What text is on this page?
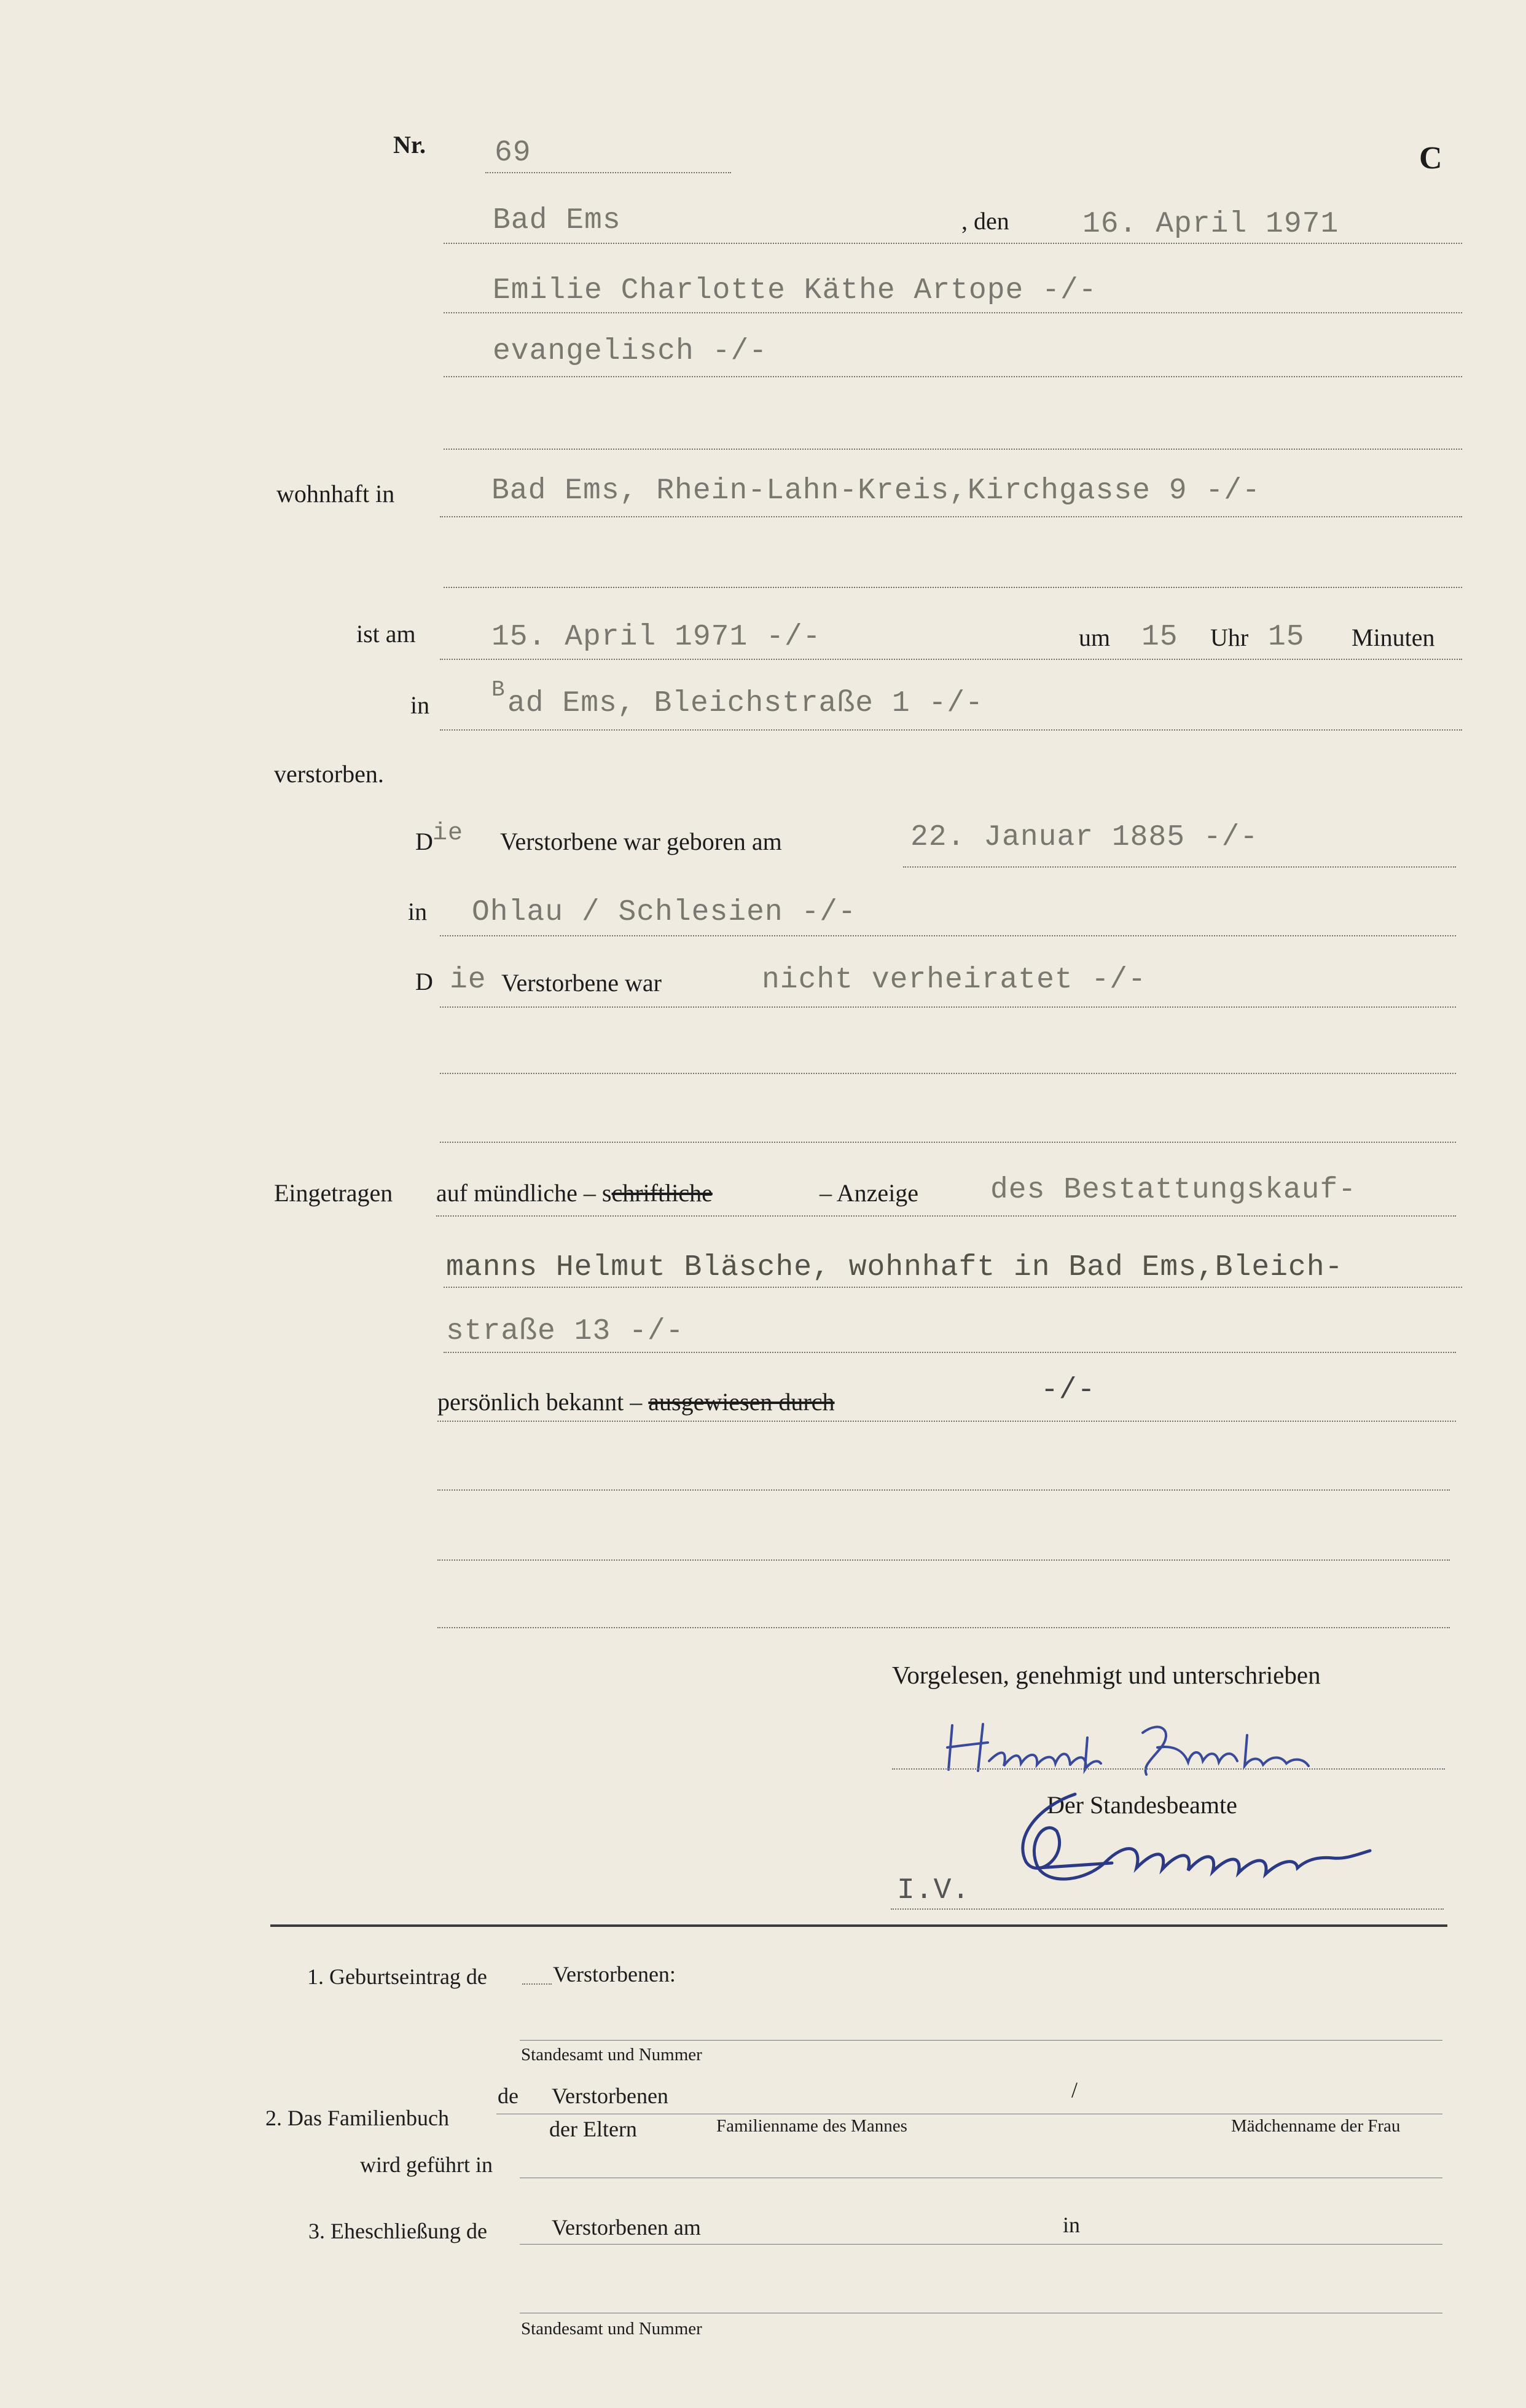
Nr. 69	C
Bad Ems	, den 16. April 1971
Emilie Charlotte Käthe Artope -/-
evangelisch -/-
wohnhaft in	Bad Ems, Rhein-Lahn-Kreis,Kirchgasse 9 -/-
ist am	15. April 1971 -/-	um 15 Uhr 15 Minuten
in
B ad Ems, Bleichstraße 1 -/-
verstorben.
D ie Verstorbene war geboren am	22. Januar 1885 -/-
in Ohlau / Schlesien -/-
D ie Verstorbene war	nicht verheiratet -/-
Eingetragen auf mündliche – schriftliche	– Anzeige des Bestattungskauf-
manns Helmut Bläsche, wohnhaft in Bad Ems,Bleich-
straße 13 -/-
persönlich bekannt – ausgewiesen durch	-/-
Vorgelesen, genehmigt und unterschrieben
Der Standesbeamte
I.V.
1. Geburtseintrag de	Verstorbenen:
Standesamt und Nummer
2. Das Familienbuch
de Verstorbenen	/
der Eltern	Familienname des Mannes	Mädchenname der Frau
wird geführt in
3. Eheschließung de	Verstorbenen am	in
Standesamt und Nummer
